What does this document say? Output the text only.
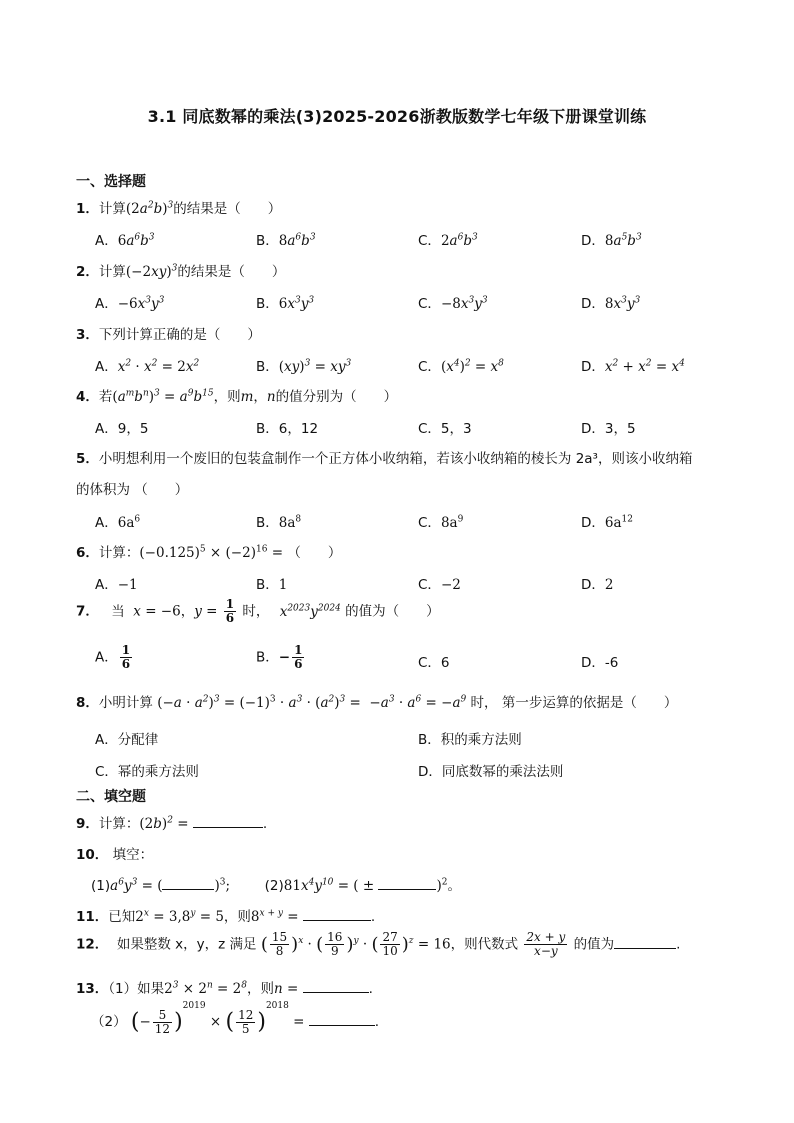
3.1 同底数幂的乘法(3)2025-2026浙教版数学七年级下册课堂训练
一、选择题
1．计算$(2a^2b)^3$的结果是（　　）
A．$6a^6b^3$	B．$8a^6b^3$	C．$2a^6b^3$	D．$8a^5b^3$
2．计算$(-2xy)^3$的结果是（　　）
A．$-6x^3y^3$	B．$6x^3y^3$	C．$-8x^3y^3$	D．$8x^3y^3$
3．下列计算正确的是（　　）
A．$x^2 \cdot x^2 = 2x^2$	B．$(xy)^3 = xy^3$	C．$(x^4)^2 = x^8$	D．$x^2 + x^2 = x^4$
4．若$(a^mb^n)^3 = a^9b^{15}$，则m，n的值分别为（　　）
A．9，5	B．6，12	C．5，3	D．3，5
5．小明想利用一个废旧的包装盒制作一个正方体小收纳箱，若该小收纳箱的棱长为 2a³，则该小收纳箱
的体积为 （　　）
A．$6a^6$	B．$8a^8$	C．$8a^9$	D．$6a^{12}$
6．计算：$(-0.125)^5 \times (-2)^{16}$ = （　　）
A．−1	B．1	C．−2	D．2
7． 当  x = −6，$y = \frac{1}{6}$ 时， $x^{2023}y^{2024}$ 的值为（　　）
A． $\frac{1}{6}$	B．− $\frac{1}{6}$	C．6	D．-6
8．小明计算 $(-a \cdot a^2)^3 = (-1)^3 \cdot a^3 \cdot (a^2)^3 = -a^3 \cdot a^6 = -a^9$ 时， 第一步运算的依据是（　　）
A．分配律	B．积的乘方法则
C．幂的乘方法则	D．同底数幂的乘法法则
二、填空题
9．计算：$(2b)^2$ =	.
10． 填空：
$(1)a^6y^3$ = (	)$^3$;	$(2)81x^4y^{10}$ = ( ±	)$^2$。
11．已知$2^x = 3,8^y = 5$，则$8^{x + y}$ =	.
12． 如果整数 x，y，z 满足 ( $\frac{15}{8} )^x$ · ( $\frac{16}{9} )^y$ · ( $\frac{27}{10} )^z = 16$，则代数式 $\frac{2x + y}{x-y}$ 的值为	.
13．（1）如果$2^3 \times 2^n = 2^8$，则n =	.
（2） (− $\frac{5}{12} )^{2019}$ × ( $\frac{12}{5} )^{2018}$ =	.
